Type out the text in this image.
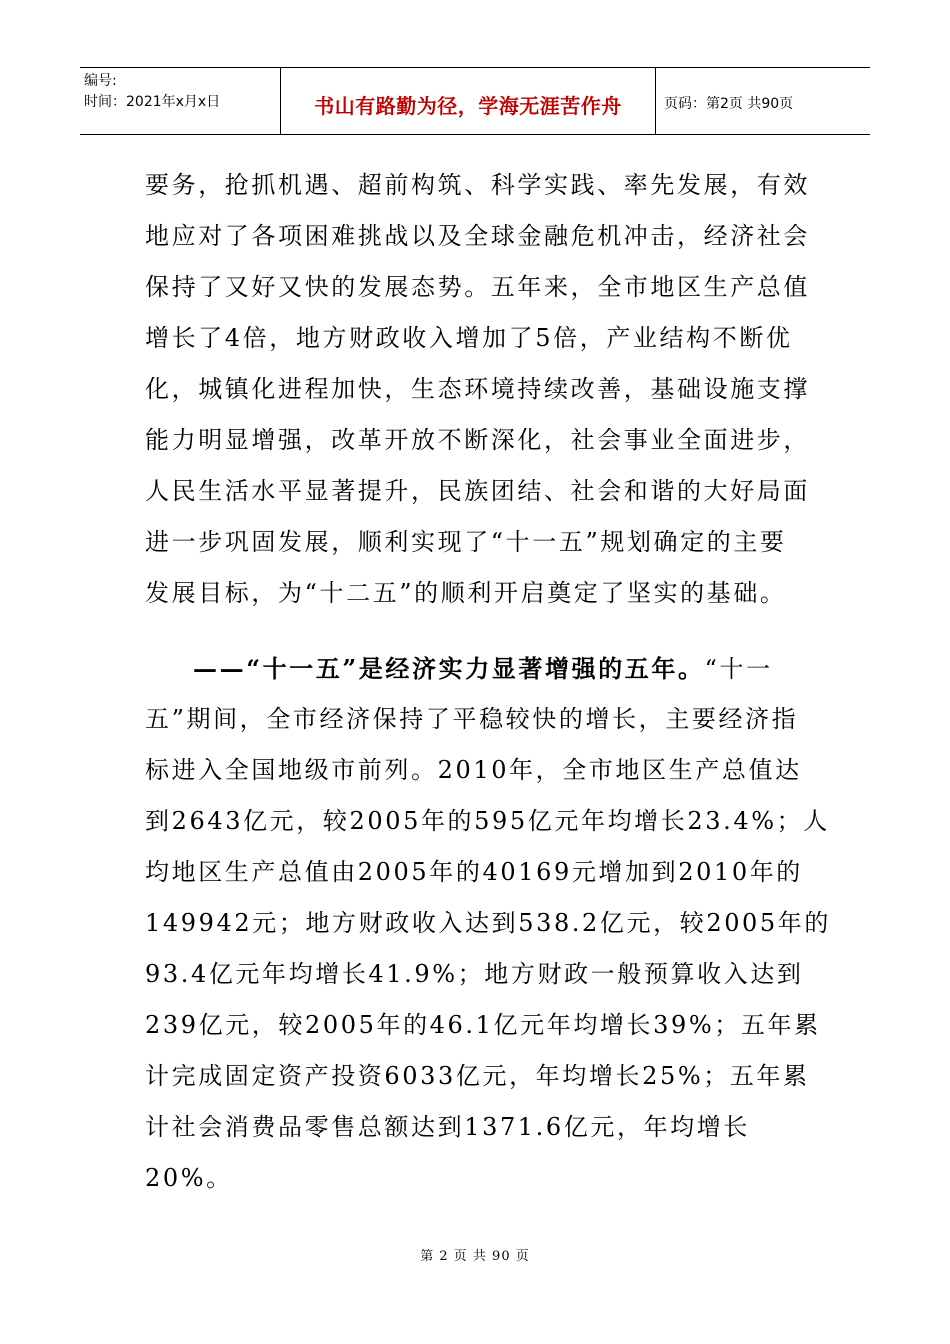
编号:
时间：2021年x月x日	书山有路勤为径，学海无涯苦作舟	页码：第2页 共90页
要务，抢抓机遇、超前构筑、科学实践、率先发展，有效
地应对了各项困难挑战以及全球金融危机冲击，经济社会
保持了又好又快的发展态势。五年来，全市地区生产总值
增长了4倍，地方财政收入增加了5倍，产业结构不断优
化，城镇化进程加快，生态环境持续改善，基础设施支撑
能力明显增强，改革开放不断深化，社会事业全面进步，
人民生活水平显著提升，民族团结、社会和谐的大好局面
进一步巩固发展，顺利实现了“十一五”规划确定的主要
发展目标，为“十二五”的顺利开启奠定了坚实的基础。
——“十一五”是经济实力显著增强的五年。“十一
五”期间，全市经济保持了平稳较快的增长，主要经济指
标进入全国地级市前列。2010年，全市地区生产总值达
到2643亿元，较2005年的595亿元年均增长23.4%；人
均地区生产总值由2005年的40169元增加到2010年的
149942元；地方财政收入达到538.2亿元，较2005年的
93.4亿元年均增长41.9%；地方财政一般预算收入达到
239亿元，较2005年的46.1亿元年均增长39%；五年累
计完成固定资产投资6033亿元，年均增长25%；五年累
计社会消费品零售总额达到1371.6亿元，年均增长
20%。
第 2 页 共 90 页
